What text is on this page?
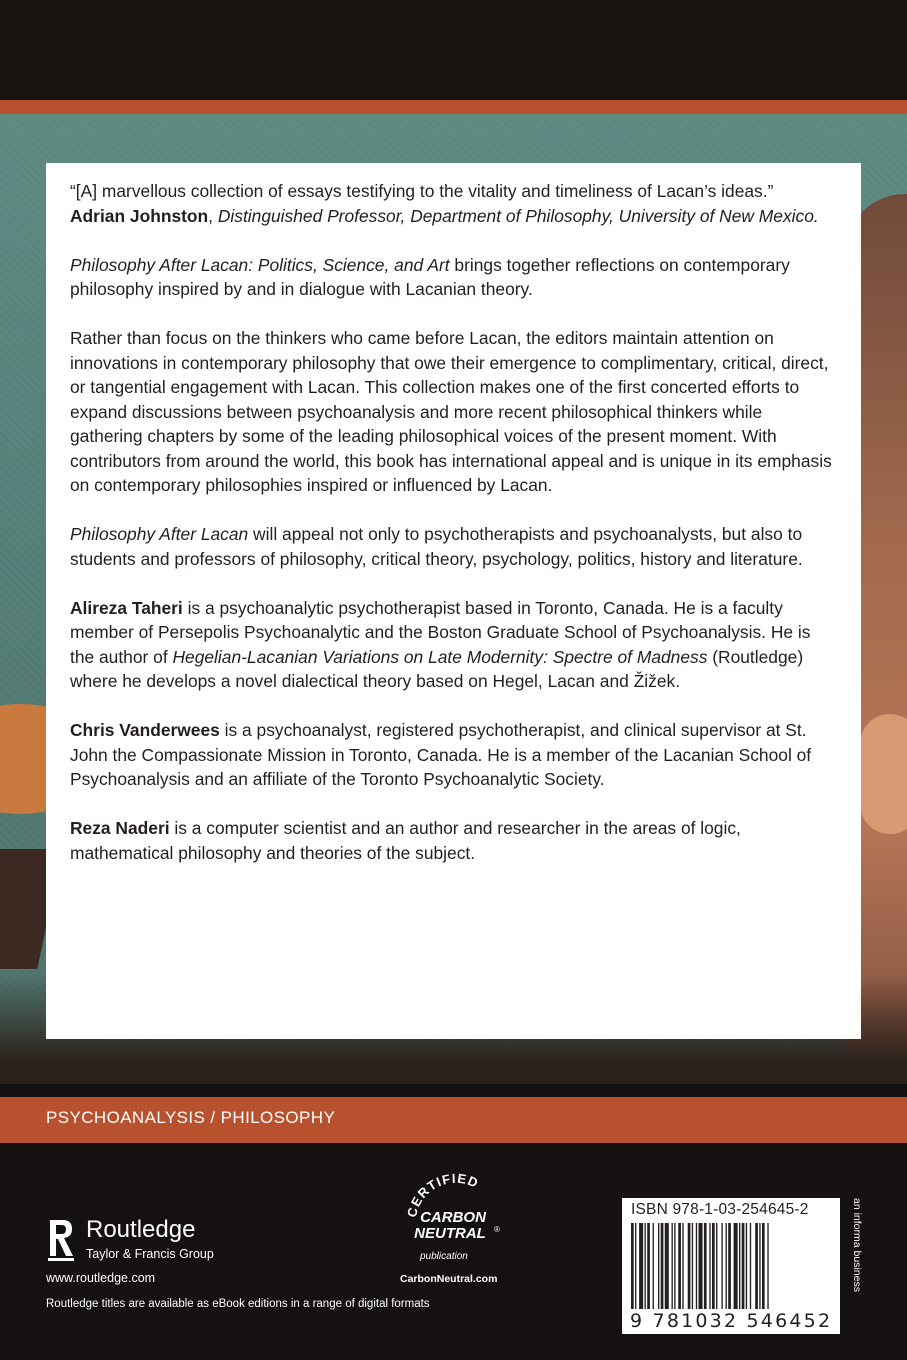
“[A] marvellous collection of essays testifying to the vitality and timeliness of Lacan’s ideas.”
Adrian Johnston, Distinguished Professor, Department of Philosophy, University of New Mexico.

Philosophy After Lacan: Politics, Science, and Art brings together reflections on contemporary philosophy inspired by and in dialogue with Lacanian theory.

Rather than focus on the thinkers who came before Lacan, the editors maintain attention on innovations in contemporary philosophy that owe their emergence to complimentary, critical, direct, or tangential engagement with Lacan. This collection makes one of the first concerted efforts to expand discussions between psychoanalysis and more recent philosophical thinkers while gathering chapters by some of the leading philosophical voices of the present moment. With contributors from around the world, this book has international appeal and is unique in its emphasis on contemporary philosophies inspired or influenced by Lacan.

Philosophy After Lacan will appeal not only to psychotherapists and psychoanalysts, but also to students and professors of philosophy, critical theory, psychology, politics, history and literature.

Alireza Taheri is a psychoanalytic psychotherapist based in Toronto, Canada. He is a faculty member of Persepolis Psychoanalytic and the Boston Graduate School of Psychoanalysis. He is the author of Hegelian-Lacanian Variations on Late Modernity: Spectre of Madness (Routledge) where he develops a novel dialectical theory based on Hegel, Lacan and Žižek.

Chris Vanderwees is a psychoanalyst, registered psychotherapist, and clinical supervisor at St. John the Compassionate Mission in Toronto, Canada. He is a member of the Lacanian School of Psychoanalysis and an affiliate of the Toronto Psychoanalytic Society.

Reza Naderi is a computer scientist and an author and researcher in the areas of logic, mathematical philosophy and theories of the subject.

PSYCHOANALYSIS / PHILOSOPHY
Routledge
Taylor & Francis Group
www.routledge.com
Routledge titles are available as eBook editions in a range of digital formats
CERTIFIED
CARBON
NEUTRAL ®
publication
CarbonNeutral.com
ISBN 978-1-03-254645-2
9 781032 546452
an informa business
